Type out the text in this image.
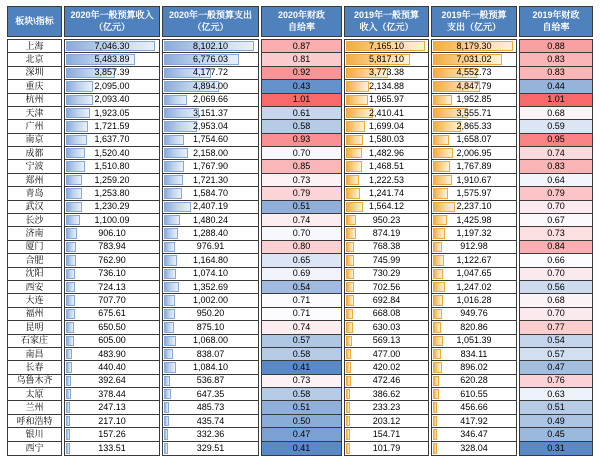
板块\指标
上海
北京
深圳
重庆
杭州
天津
广州
南京
成都
宁波
郑州
青岛
武汉
长沙
济南
厦门
合肥
沈阳
西安
大连
福州
昆明
石家庄
南昌
长春
乌鲁木齐
太原
兰州
呼和浩特
银川
西宁
2020年一般预算收入
（亿元）
7,046.30
5,483.89
3,857.39
2,095.00
2,093.40
1,923.05
1,721.59
1,637.70
1,520.40
1,510.80
1,259.20
1,253.80
1,230.29
1,100.09
906.10
783.94
762.90
736.10
724.13
707.70
675.61
650.50
605.00
483.90
440.40
392.64
378.44
247.13
217.10
157.26
133.51
2020年一般预算支出
（亿元）
8,102.10
6,776.03
4,177.72
4,894.00
2,069.66
3,151.37
2,953.04
1,754.60
2,158.00
1,767.90
1,721.30
1,584.70
2,407.19
1,480.24
1,288.40
976.91
1,164.80
1,074.10
1,352.69
1,002.00
950.20
875.10
1,068.00
838.07
1,084.10
536.87
647.35
485.73
435.74
332.36
329.51
2020年财政
自给率
0.87
0.81
0.92
0.43
1.01
0.61
0.58
0.93
0.70
0.85
0.73
0.79
0.51
0.74
0.70
0.80
0.65
0.69
0.54
0.71
0.71
0.74
0.57
0.58
0.41
0.73
0.58
0.51
0.50
0.47
0.41
2019年一般预算
收入（亿元）
7,165.10
5,817.10
3,773.38
2,134.88
1,965.97
2,410.41
1,699.04
1,580.03
1,482.96
1,468.51
1,222.53
1,241.74
1,564.12
950.23
874.19
768.38
745.99
730.29
702.56
692.84
668.08
630.03
569.13
477.00
420.02
472.46
386.62
233.23
203.12
154.71
101.79
2019年一般预算
支出（亿元）
8,179.30
7,031.02
4,552.73
4,847.79
1,952.85
3,555.71
2,865.33
1,658.07
2,006.95
1,767.89
1,910.67
1,575.97
2,237.10
1,425.98
1,197.32
912.98
1,122.67
1,047.65
1,247.02
1,016.28
949.76
820.86
1,051.39
834.11
896.02
620.28
610.55
456.66
417.92
346.47
328.04
2019年财政
自给率
0.88
0.83
0.83
0.44
1.01
0.68
0.59
0.95
0.74
0.83
0.64
0.79
0.70
0.67
0.73
0.84
0.66
0.70
0.56
0.68
0.70
0.77
0.54
0.57
0.47
0.76
0.63
0.51
0.49
0.45
0.31
